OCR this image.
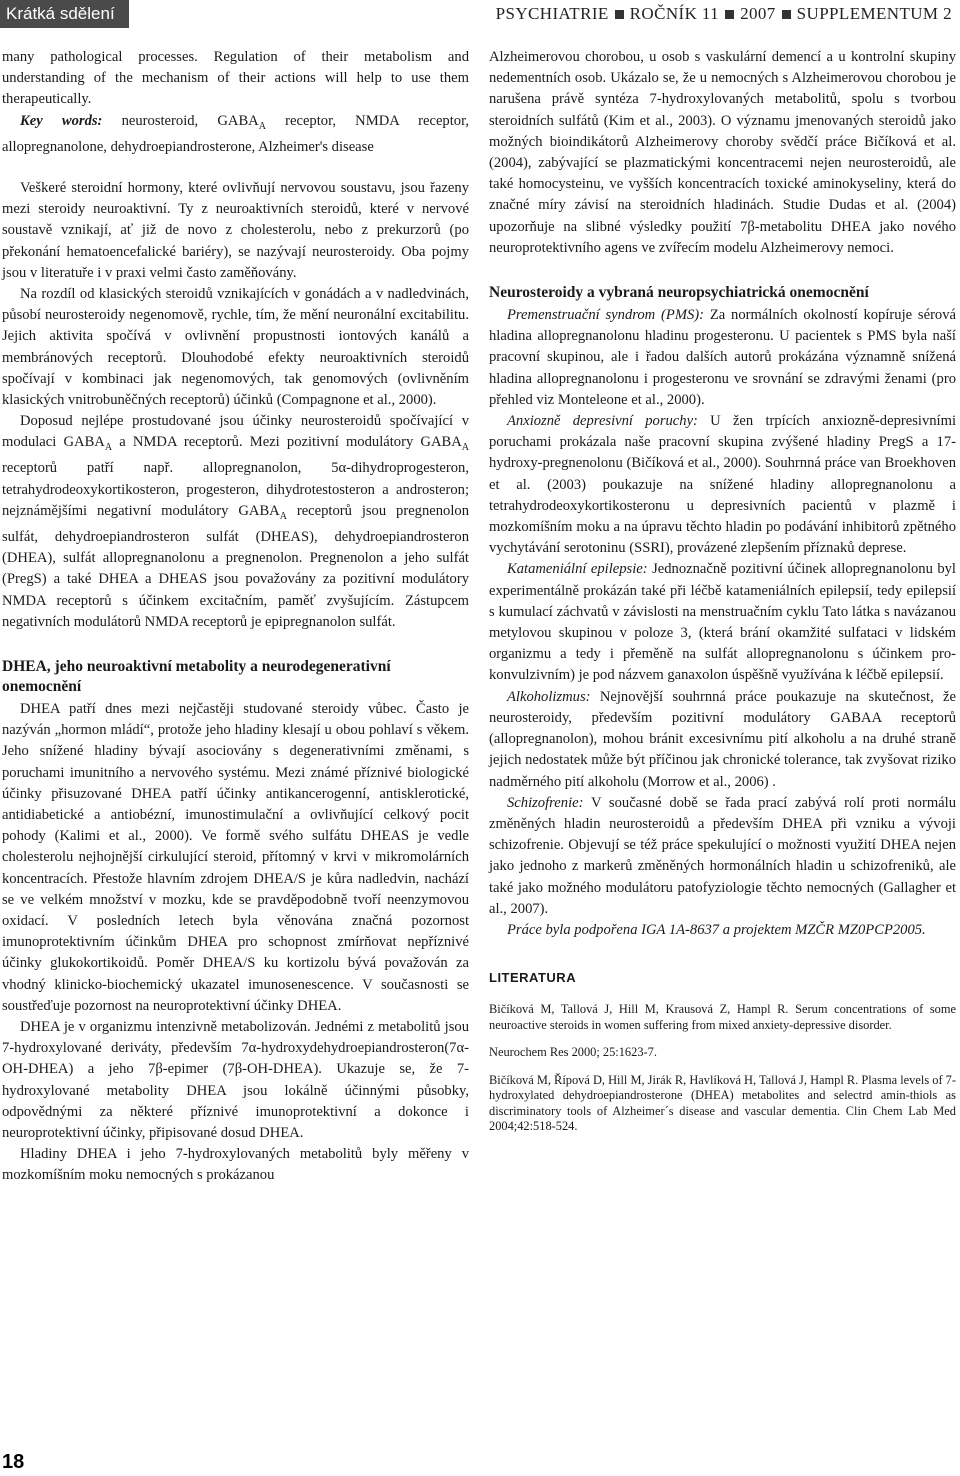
Krátká sdělení	PSYCHIATRIE ROČNÍK 11 2007 SUPPLEMENTUM 2

many pathological processes. Regulation of their metabolism and understanding of the mechanism of their actions will help to use them therapeutically.

Key words: neurosteroid, $GABA_A$ receptor, NMDA receptor, allopregnanolone, dehydroepiandrosterone, Alzheimer's disease

Veškeré steroidní hormony, které ovlivňují nervovou soustavu, jsou řazeny mezi steroidy neuroaktivní. Ty z neuroaktivních steroidů, které v nervové soustavě vznikají, ať již de novo z cholesterolu, nebo z prekurzorů (po překonání hematoencefalické bariéry), se nazývají neurosteroidy. Oba pojmy jsou v literatuře i v praxi velmi často zaměňovány.

Na rozdíl od klasických steroidů vznikajících v gonádách a v nadledvinách, působí neurosteroidy negenomově, rychle, tím, že mění neuronální excitabilitu. Jejich aktivita spočívá v ovlivnění propustnosti iontových kanálů a membránových receptorů. Dlouhodobé efekty neuroaktivních steroidů spočívají v kombinaci jak negenomových, tak genomových (ovlivněním klasických vnitrobuněčných receptorů) účinků (Compagnone et al., 2000).

Doposud nejlépe prostudované jsou účinky neurosteroidů spočívající v modulaci $GABA_A$ a NMDA receptorů. Mezi pozitivní modulátory $GABA_A$ receptorů patří např. allopregnanolon, 5α-dihydroprogesteron, tetrahydrodeoxykortikosteron, progesteron, dihydrotestosteron a androsteron; nejznámějšími negativní modulátory $GABA_A$ receptorů jsou pregnenolon sulfát, dehydroepiandrosteron sulfát (DHEAS), dehydroepiandrosteron (DHEA), sulfát allopregnanolonu a pregnenolon. Pregnenolon a jeho sulfát (PregS) a také DHEA a DHEAS jsou považovány za pozitivní modulátory NMDA receptorů s účinkem excitačním, paměť zvyšujícím. Zástupcem negativních modulátorů NMDA receptorů je epipregnanolon sulfát.

DHEA, jeho neuroaktivní metabolity a neurodegenerativní onemocnění

DHEA patří dnes mezi nejčastěji studované steroidy vůbec. Často je nazýván „hormon mládí“, protože jeho hladiny klesají u obou pohlaví s věkem. Jeho snížené hladiny bývají asociovány s degenerativními změnami, s poruchami imunitního a nervového systému. Mezi známé příznivé biologické účinky přisuzované DHEA patří účinky antikancerogenní, antisklerotické, antidiabetické a antiobézní, imunostimulační a ovlivňující celkový pocit pohody (Kalimi et al., 2000). Ve formě svého sulfátu DHEAS je vedle cholesterolu nejhojnější cirkulující steroid, přítomný v krvi v mikromolárních koncentracích. Přestože hlavním zdrojem DHEA/S je kůra nadledvin, nachází se ve velkém množství v mozku, kde se pravděpodobně tvoří neenzymovou oxidací. V posledních letech byla věnována značná pozornost imunoprotektivním účinkům DHEA pro schopnost zmírňovat nepříznivé účinky glukokortikoidů. Poměr DHEA/S ku kortizolu bývá považován za vhodný klinicko-biochemický ukazatel imunosenescence. V současnosti se soustřeďuje pozornost na neuroprotektivní účinky DHEA.

DHEA je v organizmu intenzivně metabolizován. Jednémi z metabolitů jsou 7-hydroxylované deriváty, především 7α-hydroxydehydroepiandrosteron(7α-OH-DHEA) a jeho 7β-epimer (7β-OH-DHEA). Ukazuje se, že 7-hydroxylované metabolity DHEA jsou lokálně účinnými působky, odpovědnými za některé příznivé imunoprotektivní a dokonce i neuroprotektivní účinky, připisované dosud DHEA.

Hladiny DHEA i jeho 7-hydroxylovaných metabolitů byly měřeny v mozkomíšním moku nemocných s prokázanou

Alzheimerovou chorobou, u osob s vaskulární demencí a u kontrolní skupiny nedementních osob. Ukázalo se, že u nemocných s Alzheimerovou chorobou je narušena právě syntéza 7-hydroxylovaných metabolitů, spolu s tvorbou steroidních sulfátů (Kim et al., 2003). O významu jmenovaných steroidů jako možných bioindikátorů Alzheimerovy choroby svědčí práce Bičíková et al. (2004), zabývající se plazmatickými koncentracemi nejen neurosteroidů, ale také homocysteinu, ve vyšších koncentracích toxické aminokyseliny, která do značné míry závisí na steroidních hladinách. Studie Dudas et al. (2004) upozorňuje na slibné výsledky použití 7β-metabolitu DHEA jako nového neuroprotektivního agens ve zvířecím modelu Alzheimerovy nemoci.

Neurosteroidy a vybraná neuropsychiatrická onemocnění

Premenstruační syndrom (PMS): Za normálních okolností kopíruje sérová hladina allopregnanolonu hladinu progesteronu. U pacientek s PMS byla naší pracovní skupinou, ale i řadou dalších autorů prokázána významně snížená hladina allopregnanolonu i progesteronu ve srovnání se zdravými ženami (pro přehled viz Monteleone et al., 2000).

Anxiozně depresivní poruchy: U žen trpících anxiozně-depresivními poruchami prokázala naše pracovní skupina zvýšené hladiny PregS a 17-hydroxy-pregnenolonu (Bičíková et al., 2000). Souhrnná práce van Broekhoven et al. (2003) poukazuje na snížené hladiny allopregnanolonu a tetrahydrodeoxykortikosteronu u depresivních pacientů v plazmě i mozkomíšním moku a na úpravu těchto hladin po podávání inhibitorů zpětného vychytávání serotoninu (SSRI), provázené zlepšením příznaků deprese.

Katameniální epilepsie: Jednoznačně pozitivní účinek allopregnanolonu byl experimentálně prokázán také při léčbě katameniálních epilepsií, tedy epilepsií s kumulací záchvatů v závislosti na menstruačním cyklu Tato látka s navázanou metylovou skupinou v poloze 3, (která brání okamžité sulfataci v lidském organizmu a tedy i přeměně na sulfát allopregnanolonu s účinkem pro-konvulzivním) je pod názvem ganaxolon úspěšně využívána k léčbě epilepsií.

Alkoholizmus: Nejnovější souhrnná práce poukazuje na skutečnost, že neurosteroidy, především pozitivní modulátory GABAA receptorů (allopregnanolon), mohou bránit excesivnímu pití alkoholu a na druhé straně jejich nedostatek může být příčinou jak chronické tolerance, tak zvyšovat riziko nadměrného pití alkoholu (Morrow et al., 2006) .

Schizofrenie: V současné době se řada prací zabývá rolí proti normálu změněných hladin neurosteroidů a především DHEA při vzniku a vývoji schizofrenie. Objevují se též práce spekulující o možnosti využití DHEA nejen jako jednoho z markerů změněných hormonálních hladin u schizofreniků, ale také jako možného modulátoru patofyziologie těchto nemocných (Gallagher et al., 2007).

Práce byla podpořena IGA 1A-8637 a projektem MZČR MZ0PCP2005.

LITERATURA
Bičíková M, Tallová J, Hill M, Krausová Z, Hampl R. Serum concentrations of some neuroactive steroids in women suffering from mixed anxiety-depressive disorder.
Neurochem Res 2000; 25:1623-7.
Bičíková M, Řípová D, Hill M, Jirák R, Havlíková H, Tallová J, Hampl R. Plasma levels of 7-hydroxylated dehydroepiandrosterone (DHEA) metabolites and selectrd amin-thiols as discriminatory tools of Alzheimer´s disease and vascular dementia. Clin Chem Lab Med 2004;42:518-524.
18
